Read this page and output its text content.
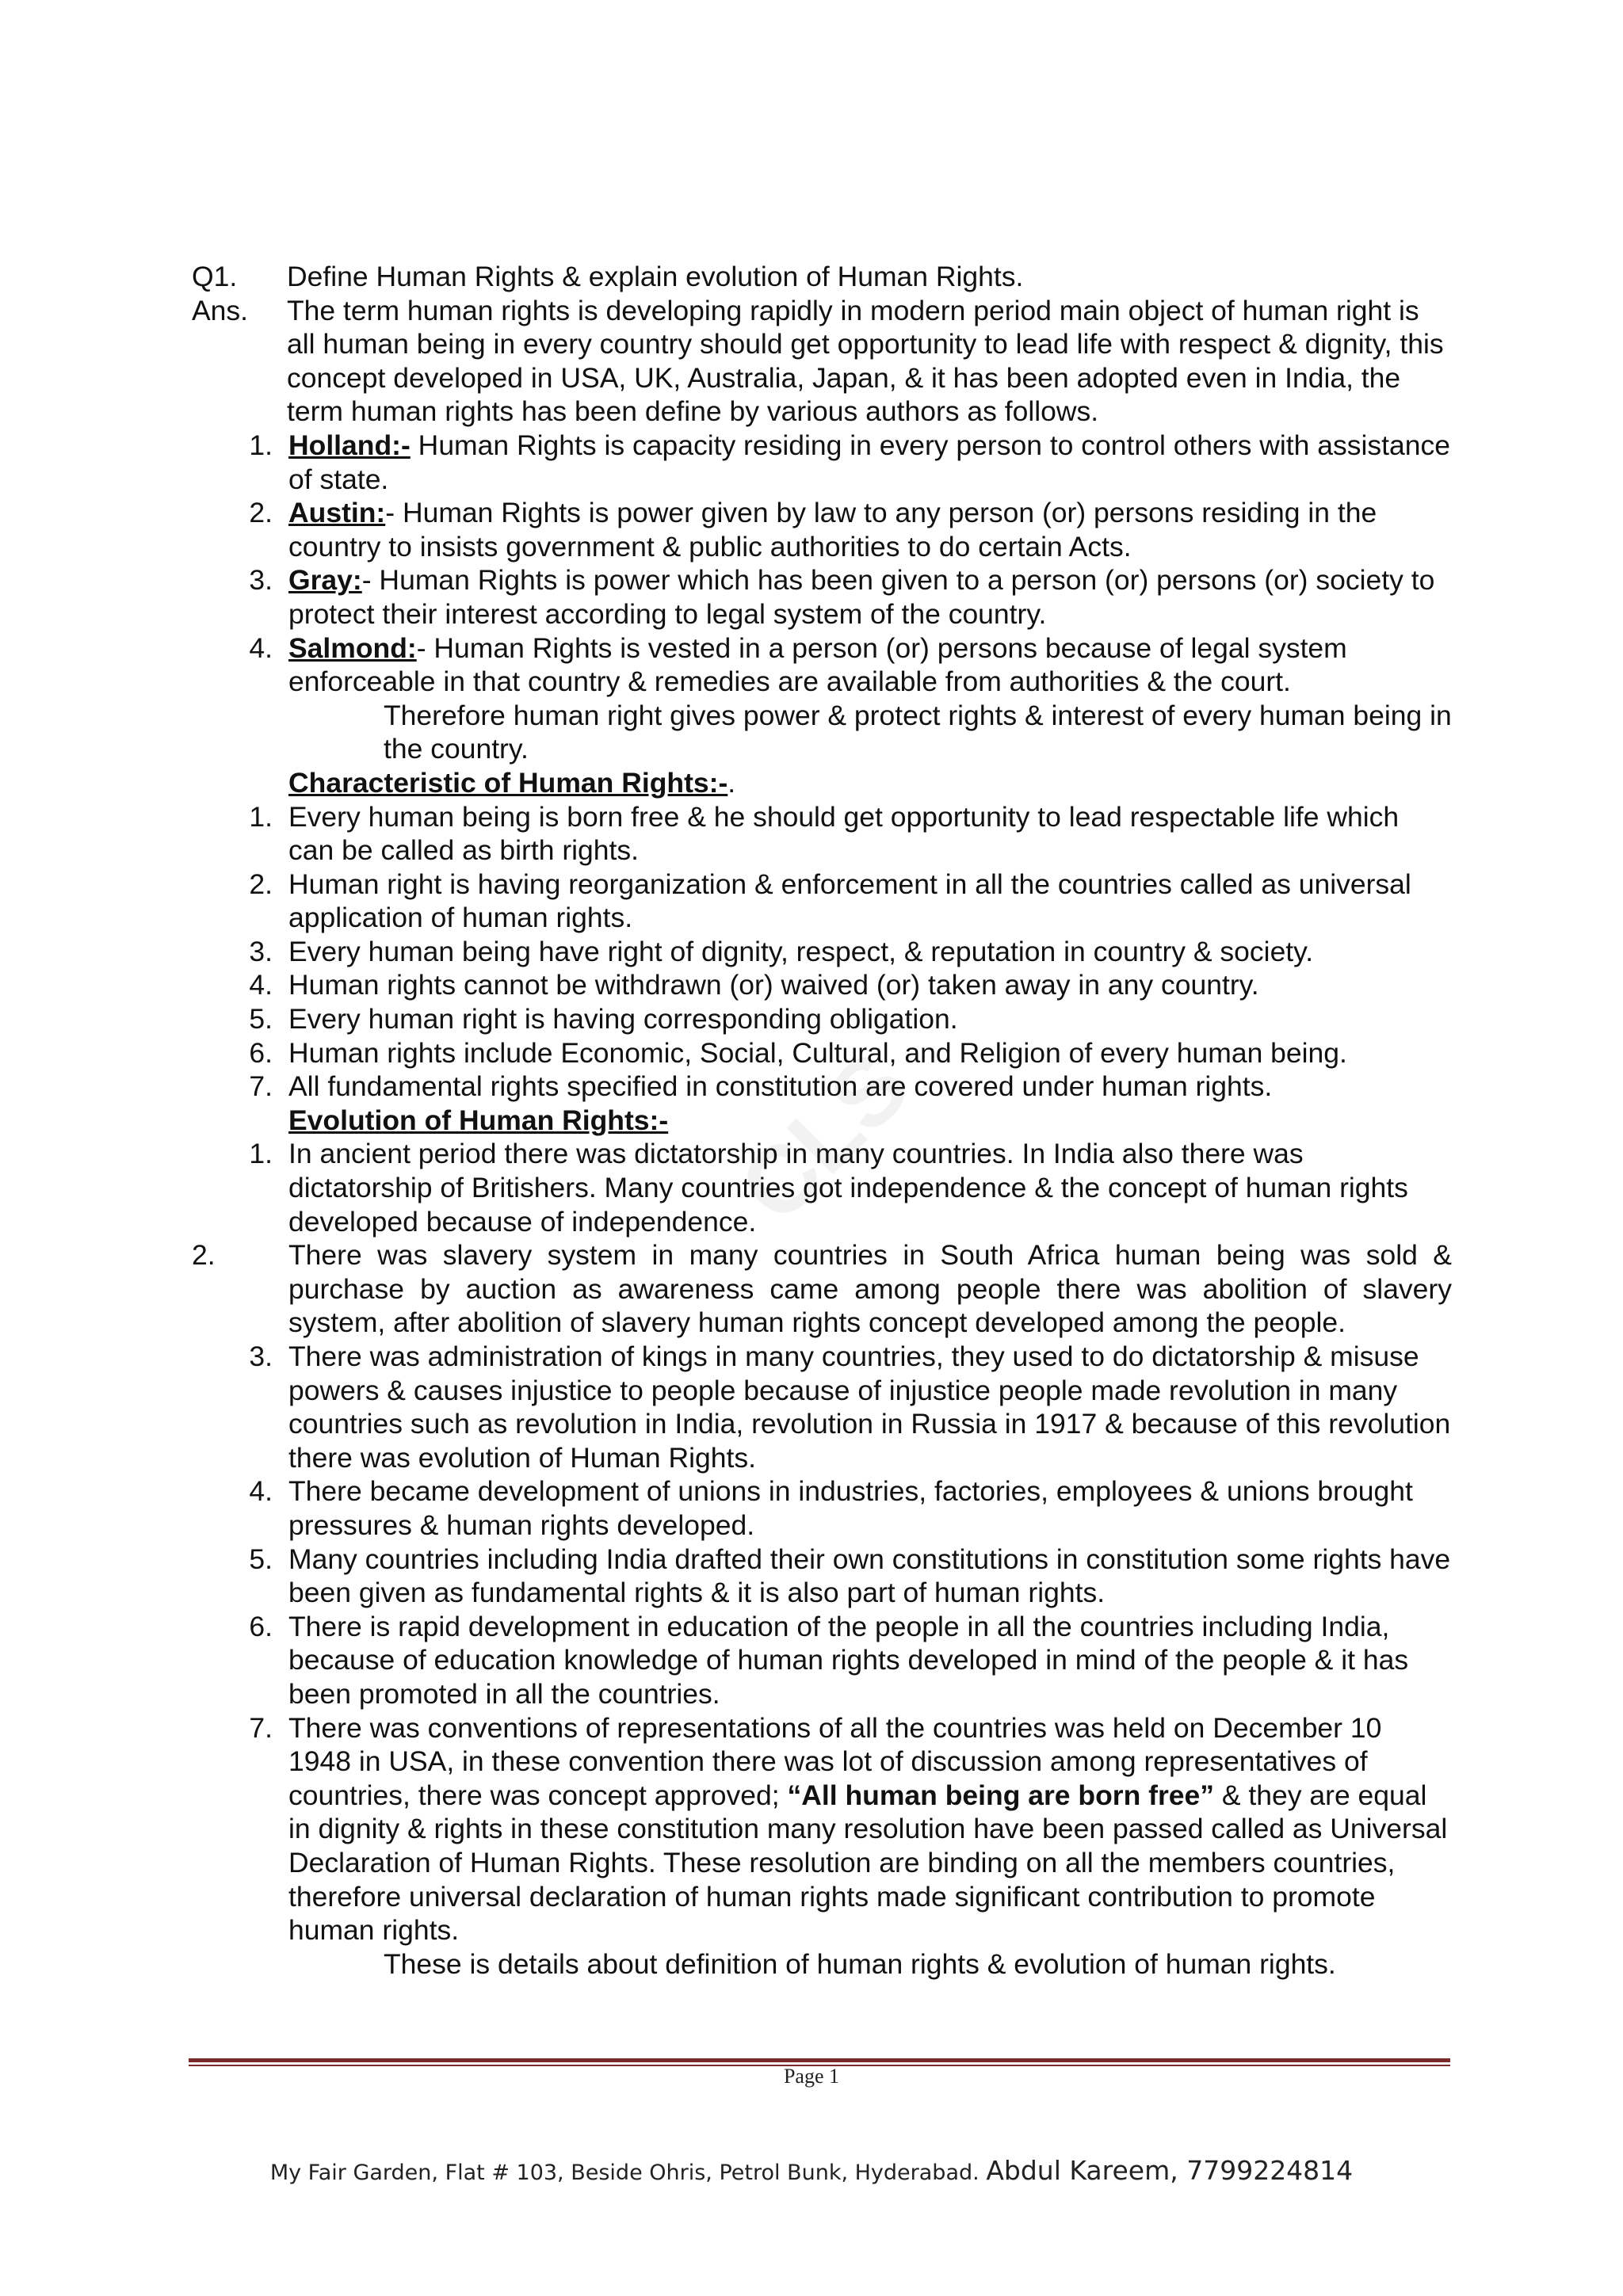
CLS
Q1. Define Human Rights & explain evolution of Human Rights.
Ans. The term human rights is developing rapidly in modern period main object of human right is all human being in every country should get opportunity to lead life with respect & dignity, this concept developed in USA, UK, Australia, Japan, & it has been adopted even in India, the term human rights has been define by various authors as follows.
1. Holland:- Human Rights is capacity residing in every person to control others with assistance of state.
2. Austin:- Human Rights is power given by law to any person (or) persons residing in the country to insists government & public authorities to do certain Acts.
3. Gray:- Human Rights is power which has been given to a person (or) persons (or) society to protect their interest according to legal system of the country.
4. Salmond:- Human Rights is vested in a person (or) persons because of legal system enforceable in that country & remedies are available from authorities & the court.
Therefore human right gives power & protect rights & interest of every human being in the country.
Characteristic of Human Rights:-.
1. Every human being is born free & he should get opportunity to lead respectable life which can be called as birth rights.
2. Human right is having reorganization & enforcement in all the countries called as universal application of human rights.
3. Every human being have right of dignity, respect, & reputation in country & society.
4. Human rights cannot be withdrawn (or) waived (or) taken away in any country.
5. Every human right is having corresponding obligation.
6. Human rights include Economic, Social, Cultural, and Religion of every human being.
7. All fundamental rights specified in constitution are covered under human rights.
Evolution of Human Rights:-
1. In ancient period there was dictatorship in many countries. In India also there was dictatorship of Britishers. Many countries got independence & the concept of human rights developed because of independence.
2.	There was slavery system in many countries in South Africa human being was sold & purchase by auction as awareness came among people there was abolition of slavery system, after abolition of slavery human rights concept developed among the people.
3. There was administration of kings in many countries, they used to do dictatorship & misuse powers & causes injustice to people because of injustice people made revolution in many countries such as revolution in India, revolution in Russia in 1917 & because of this revolution there was evolution of Human Rights.
4. There became development of unions in industries, factories, employees & unions brought pressures & human rights developed.
5. Many countries including India drafted their own constitutions in constitution some rights have been given as fundamental rights & it is also part of human rights.
6. There is rapid development in education of the people in all the countries including India, because of education knowledge of human rights developed in mind of the people & it has been promoted in all the countries.
7. There was conventions of representations of all the countries was held on December 10 1948 in USA, in these convention there was lot of discussion among representatives of countries, there was concept approved; “All human being are born free” & they are equal in dignity & rights in these constitution many resolution have been passed called as Universal Declaration of Human Rights. These resolution are binding on all the members countries, therefore universal declaration of human rights made significant contribution to promote human rights.
These is details about definition of human rights & evolution of human rights.
Page 1
My Fair Garden, Flat # 103, Beside Ohris, Petrol Bunk, Hyderabad. Abdul Kareem, 7799224814
